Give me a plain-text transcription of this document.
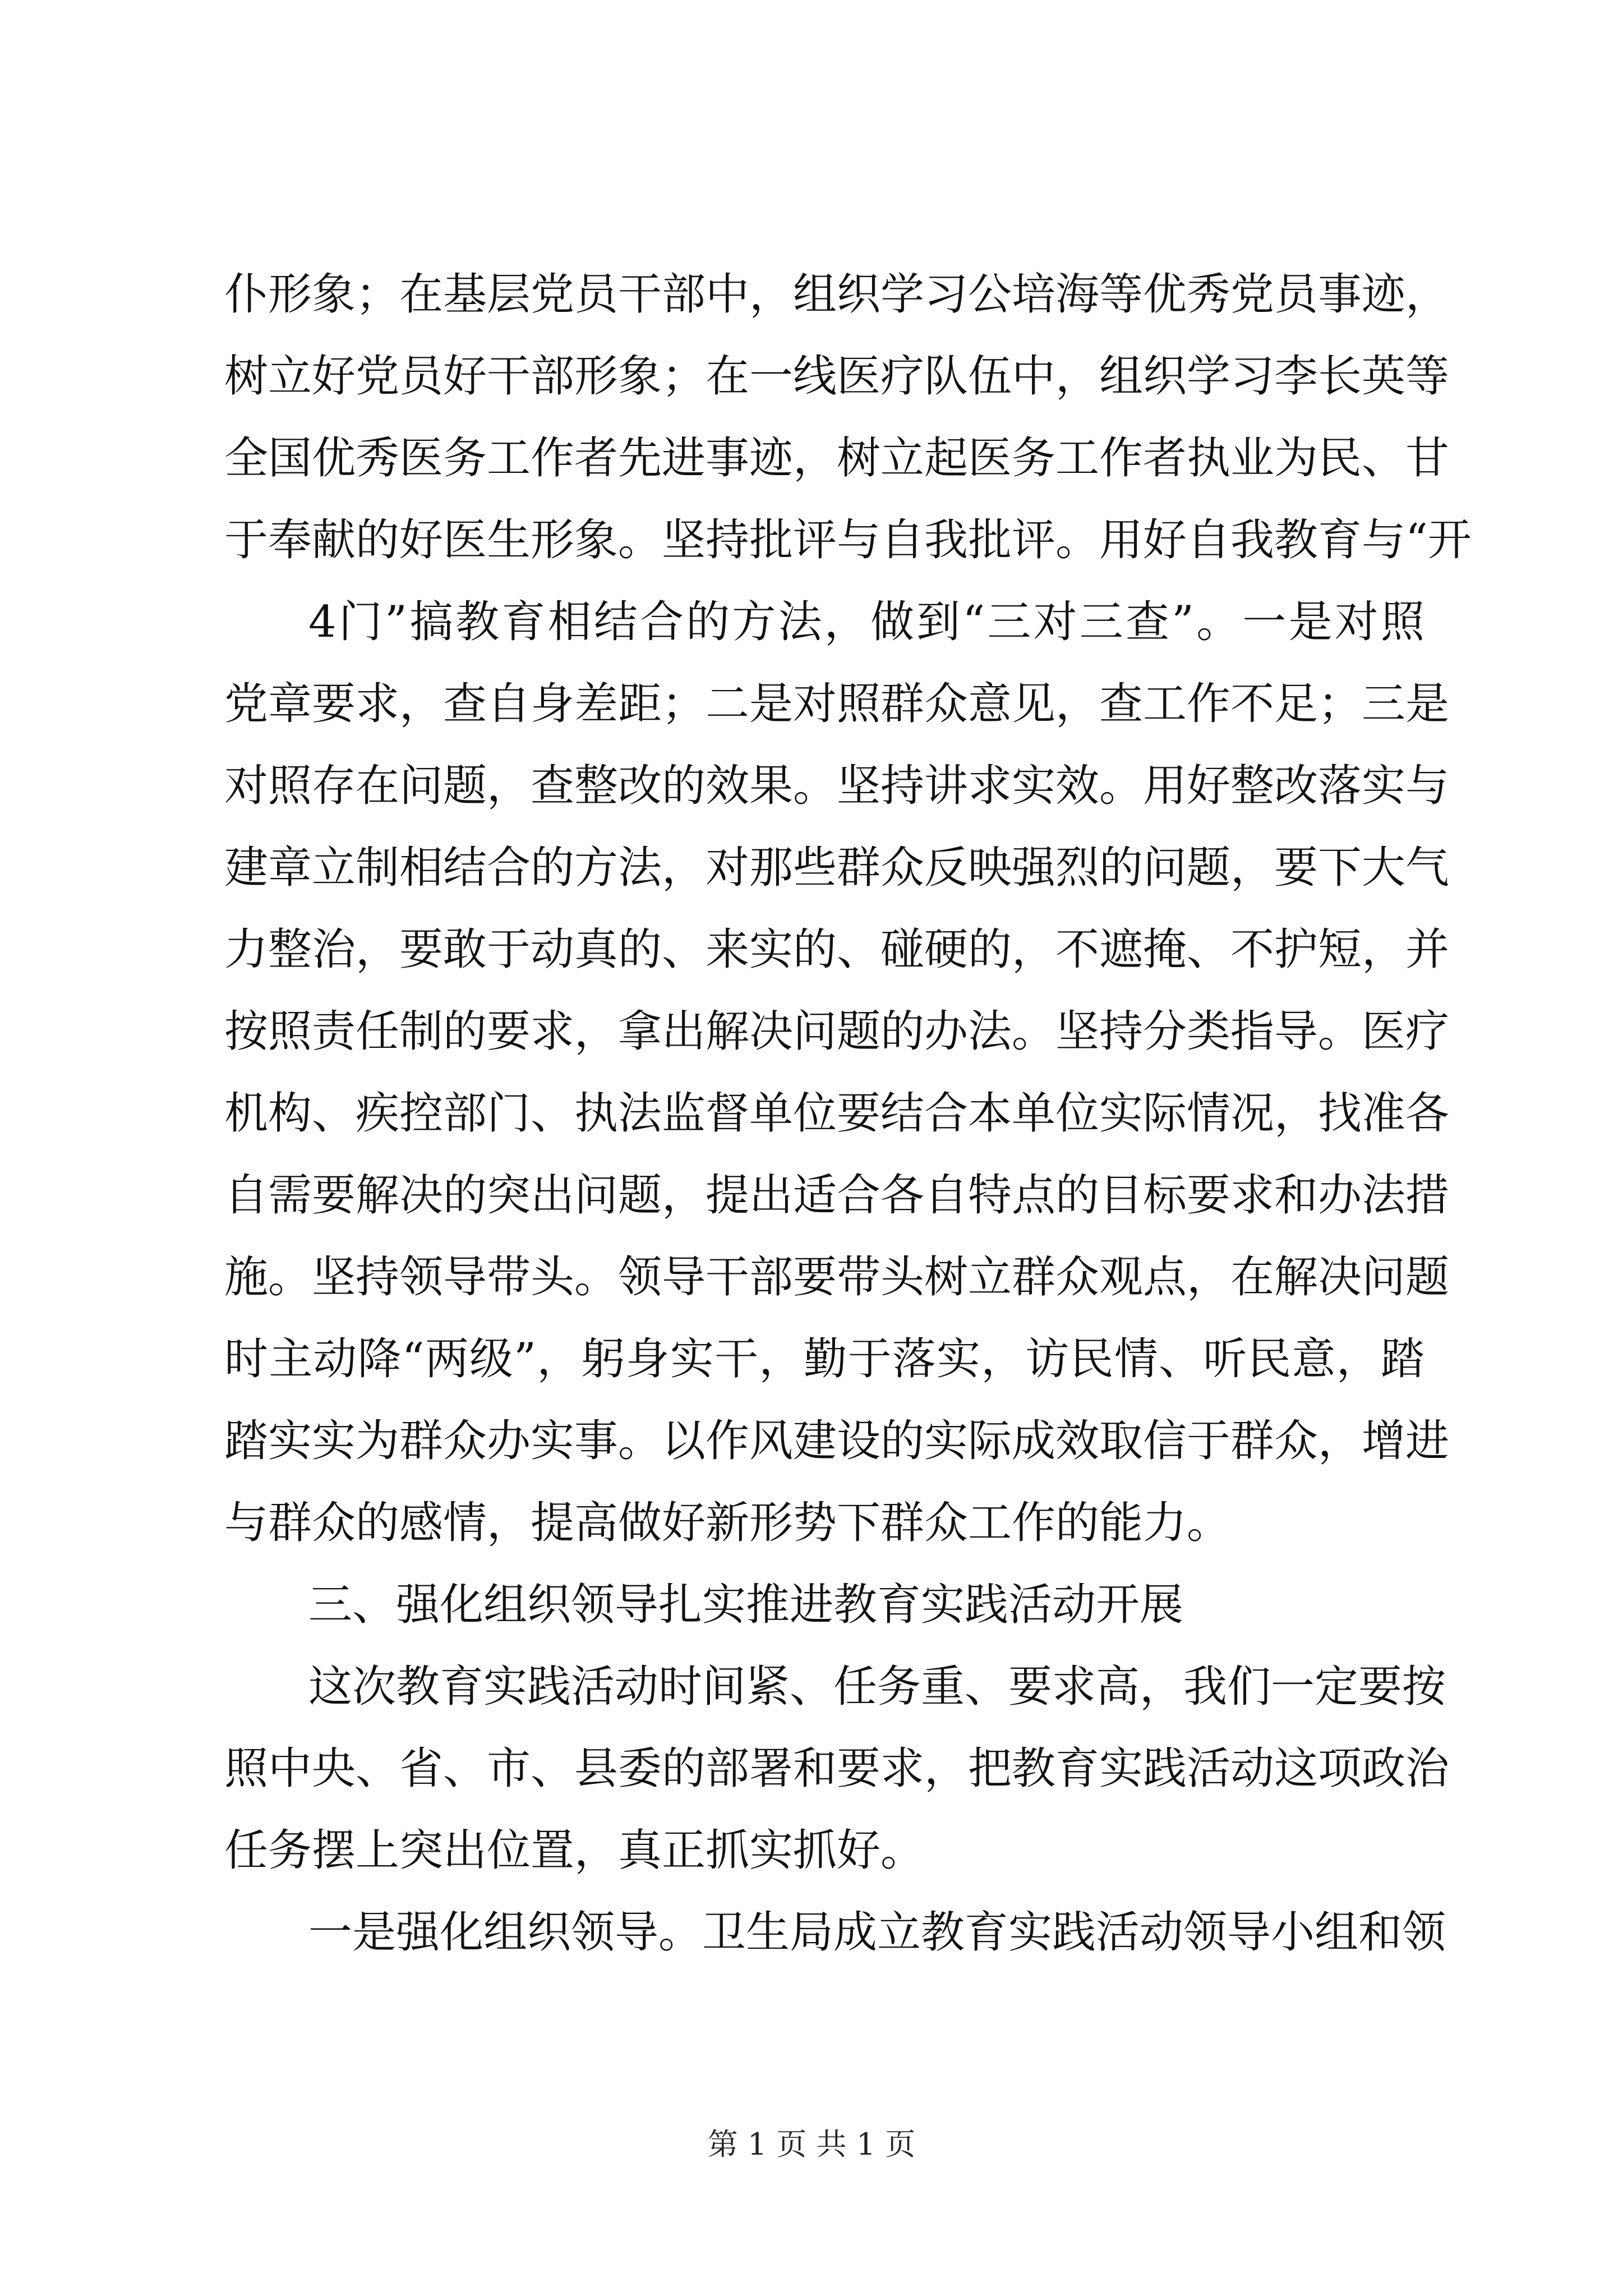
仆形象；在基层党员干部中，组织学习公培海等优秀党员事迹，
树立好党员好干部形象；在一线医疗队伍中，组织学习李长英等
全国优秀医务工作者先进事迹，树立起医务工作者执业为民、甘
于奉献的好医生形象。坚持批评与自我批评。用好自我教育与“开
4门”搞教育相结合的方法，做到“三对三查”。一是对照
党章要求，查自身差距；二是对照群众意见，查工作不足；三是
对照存在问题，查整改的效果。坚持讲求实效。用好整改落实与
建章立制相结合的方法，对那些群众反映强烈的问题，要下大气
力整治，要敢于动真的、来实的、碰硬的，不遮掩、不护短，并
按照责任制的要求，拿出解决问题的办法。坚持分类指导。医疗
机构、疾控部门、执法监督单位要结合本单位实际情况，找准各
自需要解决的突出问题，提出适合各自特点的目标要求和办法措
施。坚持领导带头。领导干部要带头树立群众观点，在解决问题
时主动降“两级”，躬身实干，勤于落实，访民情、听民意，踏
踏实实为群众办实事。以作风建设的实际成效取信于群众，增进
与群众的感情，提高做好新形势下群众工作的能力。
三、强化组织领导扎实推进教育实践活动开展
这次教育实践活动时间紧、任务重、要求高，我们一定要按
照中央、省、市、县委的部署和要求，把教育实践活动这项政治
任务摆上突出位置，真正抓实抓好。
一是强化组织领导。卫生局成立教育实践活动领导小组和领
第 1 页 共 1 页
